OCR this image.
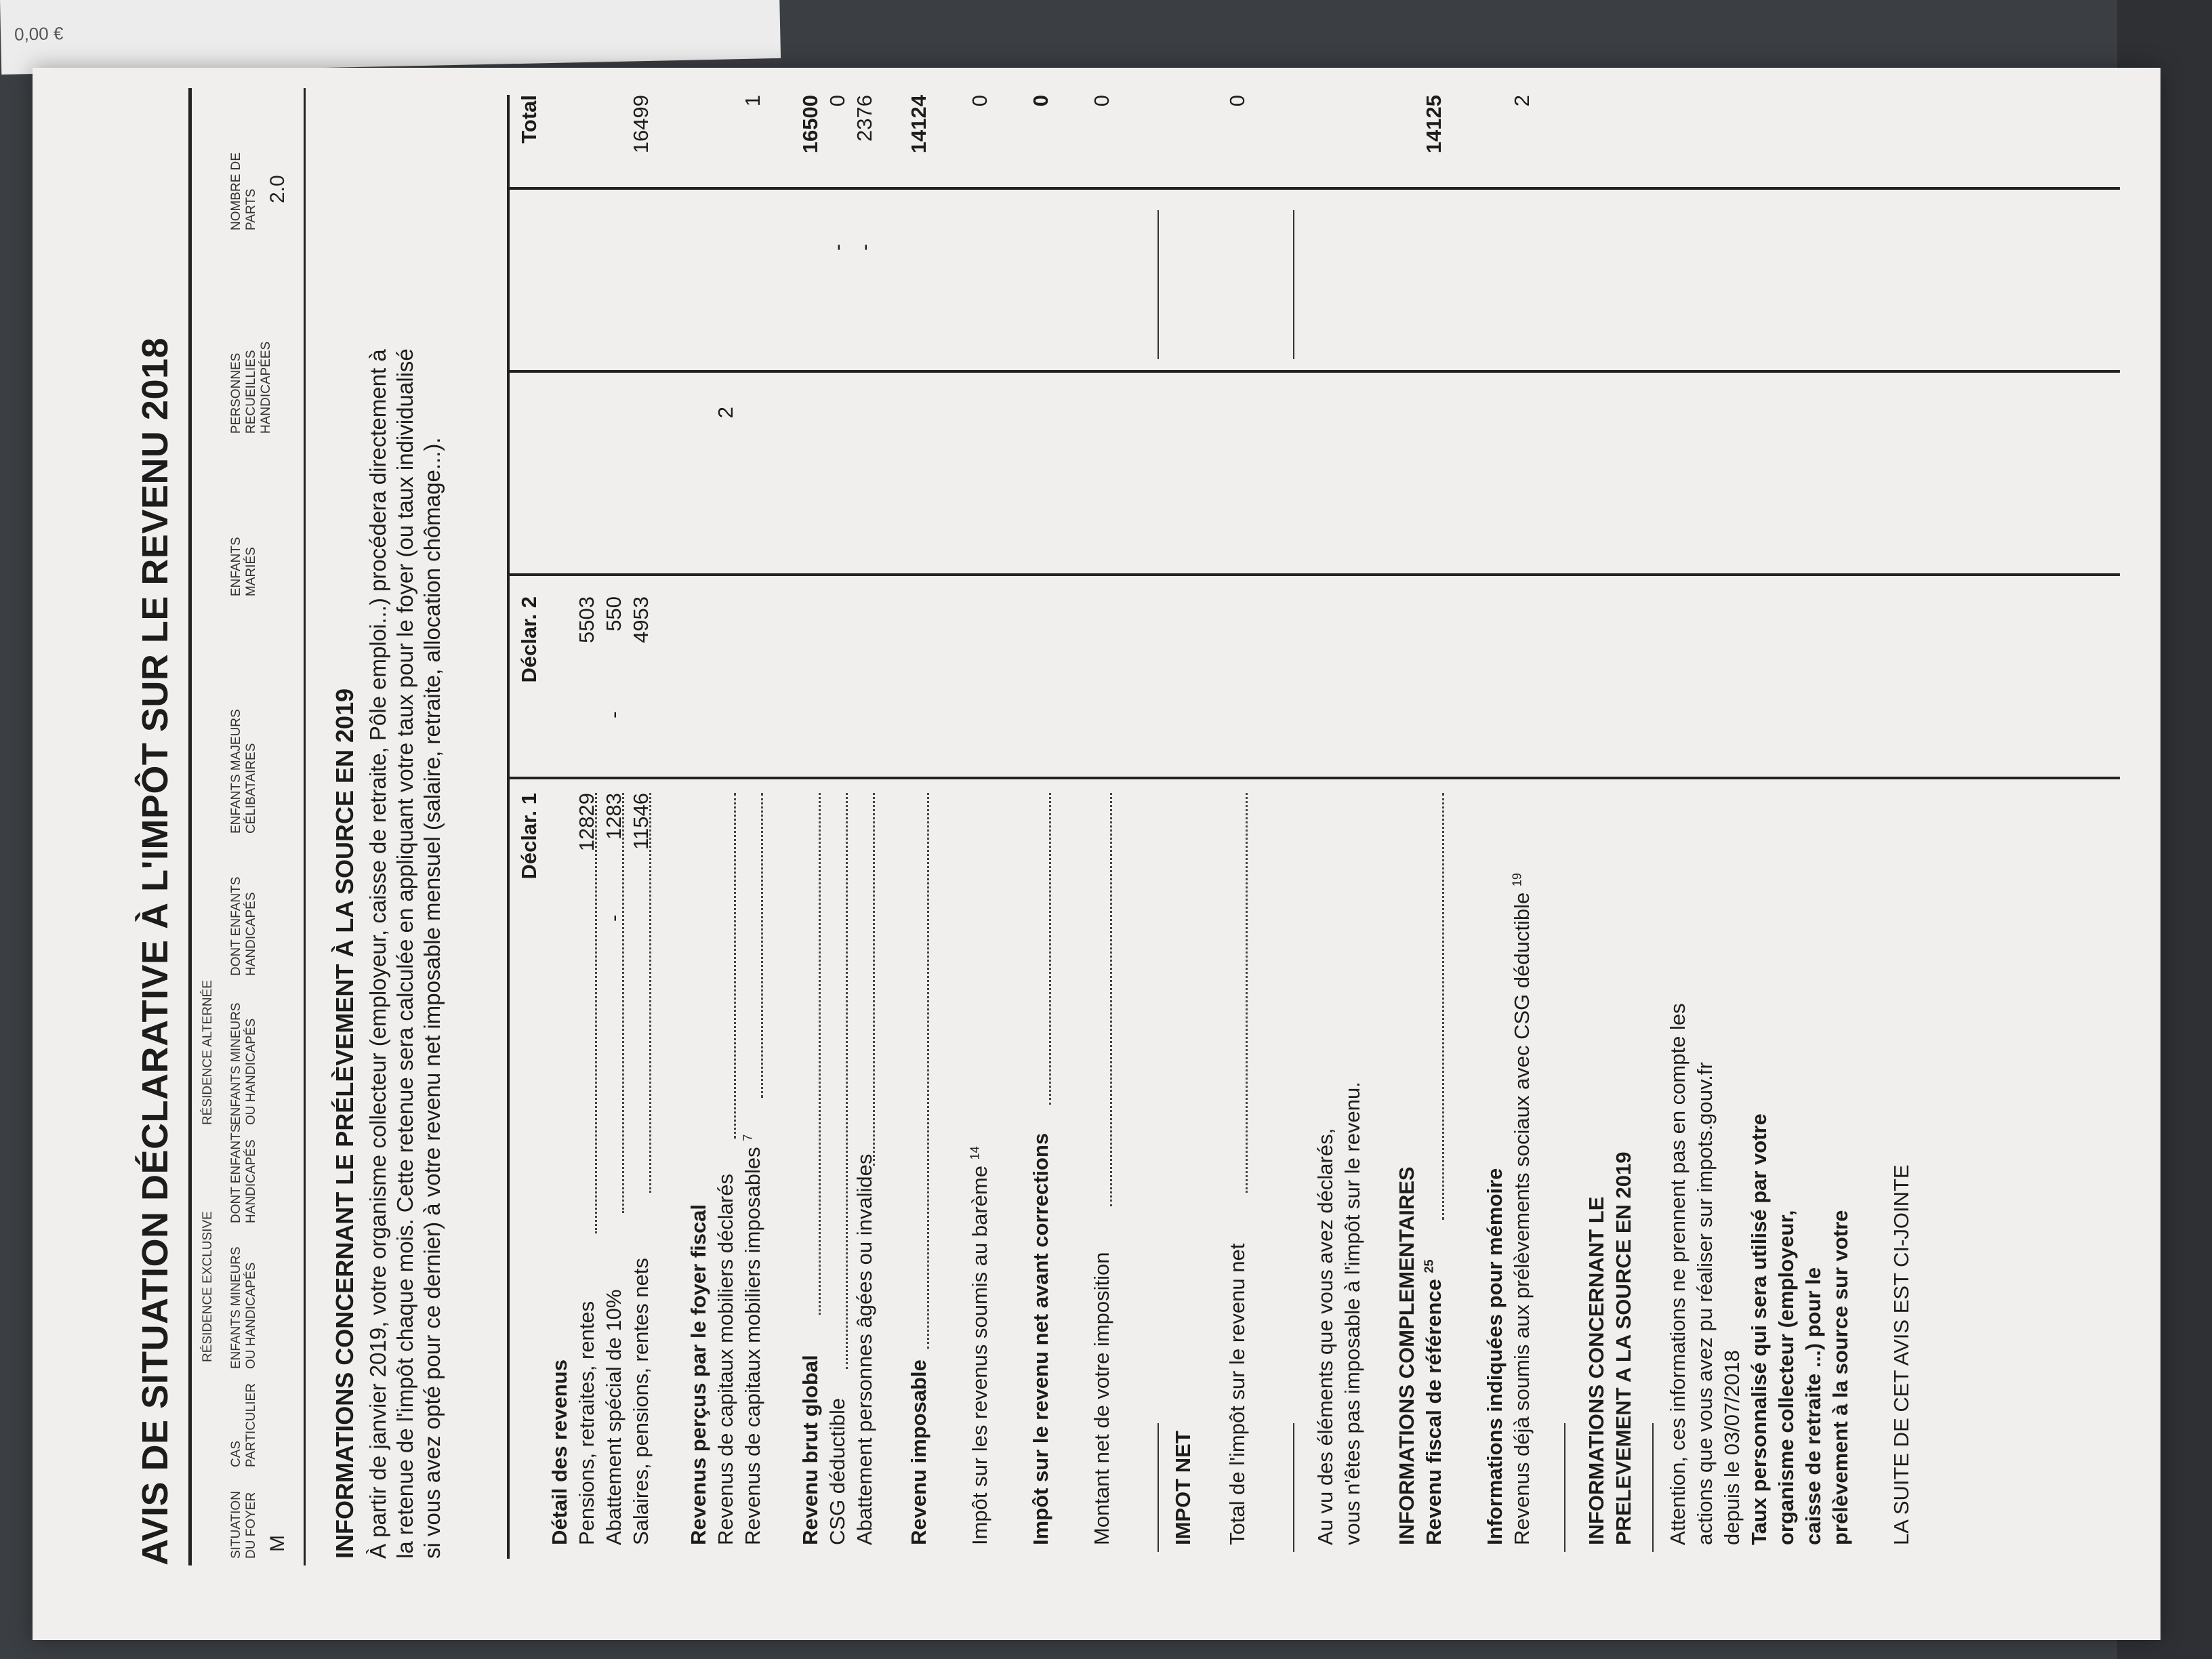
0,00 €
AVIS DE SITUATION DÉCLARATIVE À L'IMPÔT SUR LE REVENU 2018 RÉSIDENCE EXCLUSIVE
RÉSIDENCE ALTERNÉE
SITUATION DU FOYER
CAS PARTICULIER
ENFANTS MINEURS OU HANDICAPÉS
DONT ENFANTS HANDICAPÉS
ENFANTS MINEURS OU HANDICAPÉS
DONT ENFANTS HANDICAPÉS
ENFANTS MAJEURS CÉLIBATAIRES
ENFANTS MARIÉS
PERSONNES RECUEILLIES HANDICAPÉES
NOMBRE DE PARTS
M
2.0
INFORMATIONS CONCERNANT LE PRÉLÈVEMENT À LA SOURCE EN 2019 À partir de janvier 2019, votre organisme collecteur (employeur, caisse de retraite, Pôle emploi...) procédera directement à la retenue de l'impôt chaque mois. Cette retenue sera calculée en appliquant votre taux pour le foyer (ou taux individualisé si vous avez opté pour ce dernier) à votre revenu net imposable mensuel (salaire, retraite, allocation chômage...).	Déclar. 1
Déclar. 2
Total
Détail des revenus Pensions, retraites, rentes
12829
5503
Abattement spécial de 10%
-
1283
-
550
Salaires, pensions, rentes nets
11546
4953
16499
Revenus perçus par le foyer fiscal Revenus de capitaux mobiliers déclarés
2
Revenus de capitaux mobiliers imposables $^7$
1
Revenu brut global
16500
CSG déductible
-
0
Abattement personnes âgées ou invalides
-
2376
Revenu imposable
14124
Impôt sur les revenus soumis au barème $^{14}$
0
Impôt sur le revenu net avant corrections
0
Montant net de votre imposition
0
IMPOT NET Total de l'impôt sur le revenu net
0
Au vu des éléments que vous avez déclarés, vous n'êtes pas imposable à l'impôt sur le revenu. INFORMATIONS COMPLEMENTAIRES Revenu fiscal de référence $^{25}$
14125
Informations indiquées pour mémoire Revenus déjà soumis aux prélèvements sociaux avec CSG déductible $^{19}$
2
INFORMATIONS CONCERNANT LE PRELEVEMENT A LA SOURCE EN 2019 Attention, ces informations ne prennent pas en compte les actions que vous avez pu réaliser sur impots.gouv.fr depuis le 03/07/2018 Taux personnalisé qui sera utilisé par votre organisme collecteur (employeur, caisse de retraite ...) pour le prélèvement à la source sur votre LA SUITE DE CET AVIS EST CI-JOINTE
